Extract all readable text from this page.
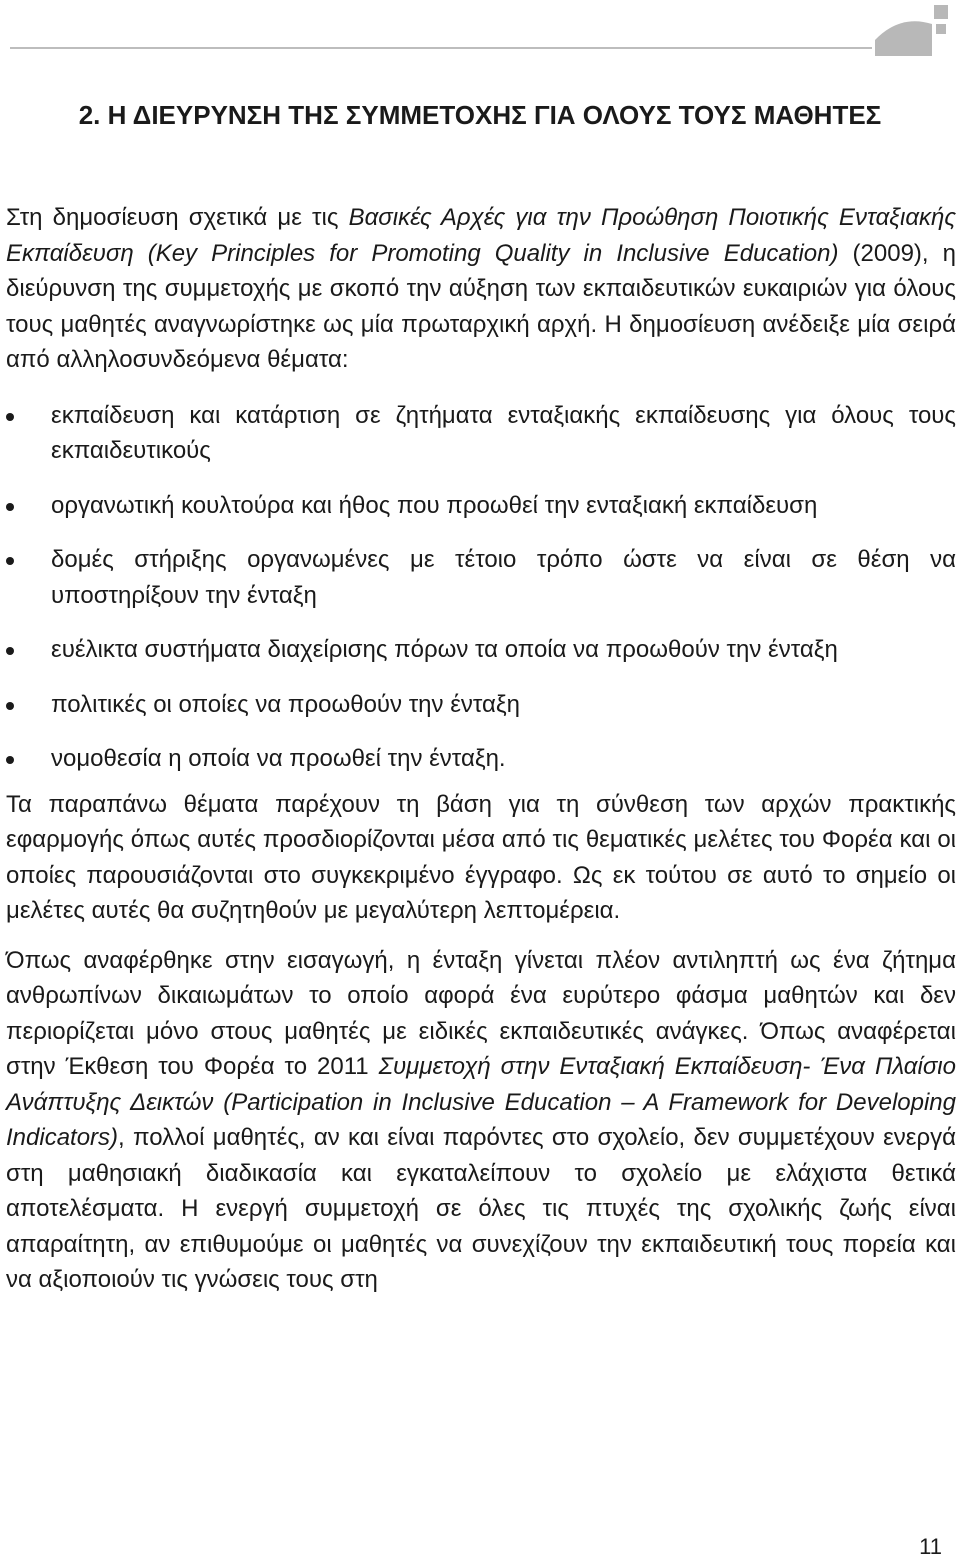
2. Η ΔΙΕΥΡΥΝΣΗ ΤΗΣ ΣΥΜΜΕΤΟΧΗΣ ΓΙΑ ΟΛΟΥΣ ΤΟΥΣ ΜΑΘΗΤΕΣ

Στη δημοσίευση σχετικά με τις Βασικές Αρχές για την Προώθηση Ποιοτικής Ενταξιακής Εκπαίδευση (Key Principles for Promoting Quality in Inclusive Education) (2009), η διεύρυνση της συμμετοχής με σκοπό την αύξηση των εκπαιδευτικών ευκαιριών για όλους τους μαθητές αναγνωρίστηκε ως μία πρωταρχική αρχή. Η δημοσίευση ανέδειξε μία σειρά από αλληλοσυνδεόμενα θέματα:

εκπαίδευση και κατάρτιση σε ζητήματα ενταξιακής εκπαίδευσης για όλους τους εκπαιδευτικούς
οργανωτική κουλτούρα και ήθος που προωθεί την ενταξιακή εκπαίδευση
δομές στήριξης οργανωμένες με τέτοιο τρόπο ώστε να είναι σε θέση να υποστηρίξουν την ένταξη
ευέλικτα συστήματα διαχείρισης πόρων τα οποία να προωθούν την ένταξη
πολιτικές οι οποίες να προωθούν την ένταξη
νομοθεσία η οποία να προωθεί την ένταξη.

Τα παραπάνω θέματα παρέχουν τη βάση για τη σύνθεση των αρχών πρακτικής εφαρμογής όπως αυτές προσδιορίζονται μέσα από τις θεματικές μελέτες του Φορέα και οι οποίες παρουσιάζονται στο συγκεκριμένο έγγραφο. Ως εκ τούτου σε αυτό το σημείο οι μελέτες αυτές θα συζητηθούν με μεγαλύτερη λεπτομέρεια.

Όπως αναφέρθηκε στην εισαγωγή, η ένταξη γίνεται πλέον αντιληπτή ως ένα ζήτημα ανθρωπίνων δικαιωμάτων το οποίο αφορά ένα ευρύτερο φάσμα μαθητών και δεν περιορίζεται μόνο στους μαθητές με ειδικές εκπαιδευτικές ανάγκες. Όπως αναφέρεται στην Έκθεση του Φορέα το 2011 Συμμετοχή στην Ενταξιακή Εκπαίδευση- Ένα Πλαίσιο Ανάπτυξης Δεικτών (Participation in Inclusive Education – A Framework for Developing Indicators), πολλοί μαθητές, αν και είναι παρόντες στο σχολείο, δεν συμμετέχουν ενεργά στη μαθησιακή διαδικασία και εγκαταλείπουν το σχολείο με ελάχιστα θετικά αποτελέσματα. Η ενεργή συμμετοχή σε όλες τις πτυχές της σχολικής ζωής είναι απαραίτητη, αν επιθυμούμε οι μαθητές να συνεχίζουν την εκπαιδευτική τους πορεία και να αξιοποιούν τις γνώσεις τους στη

11
